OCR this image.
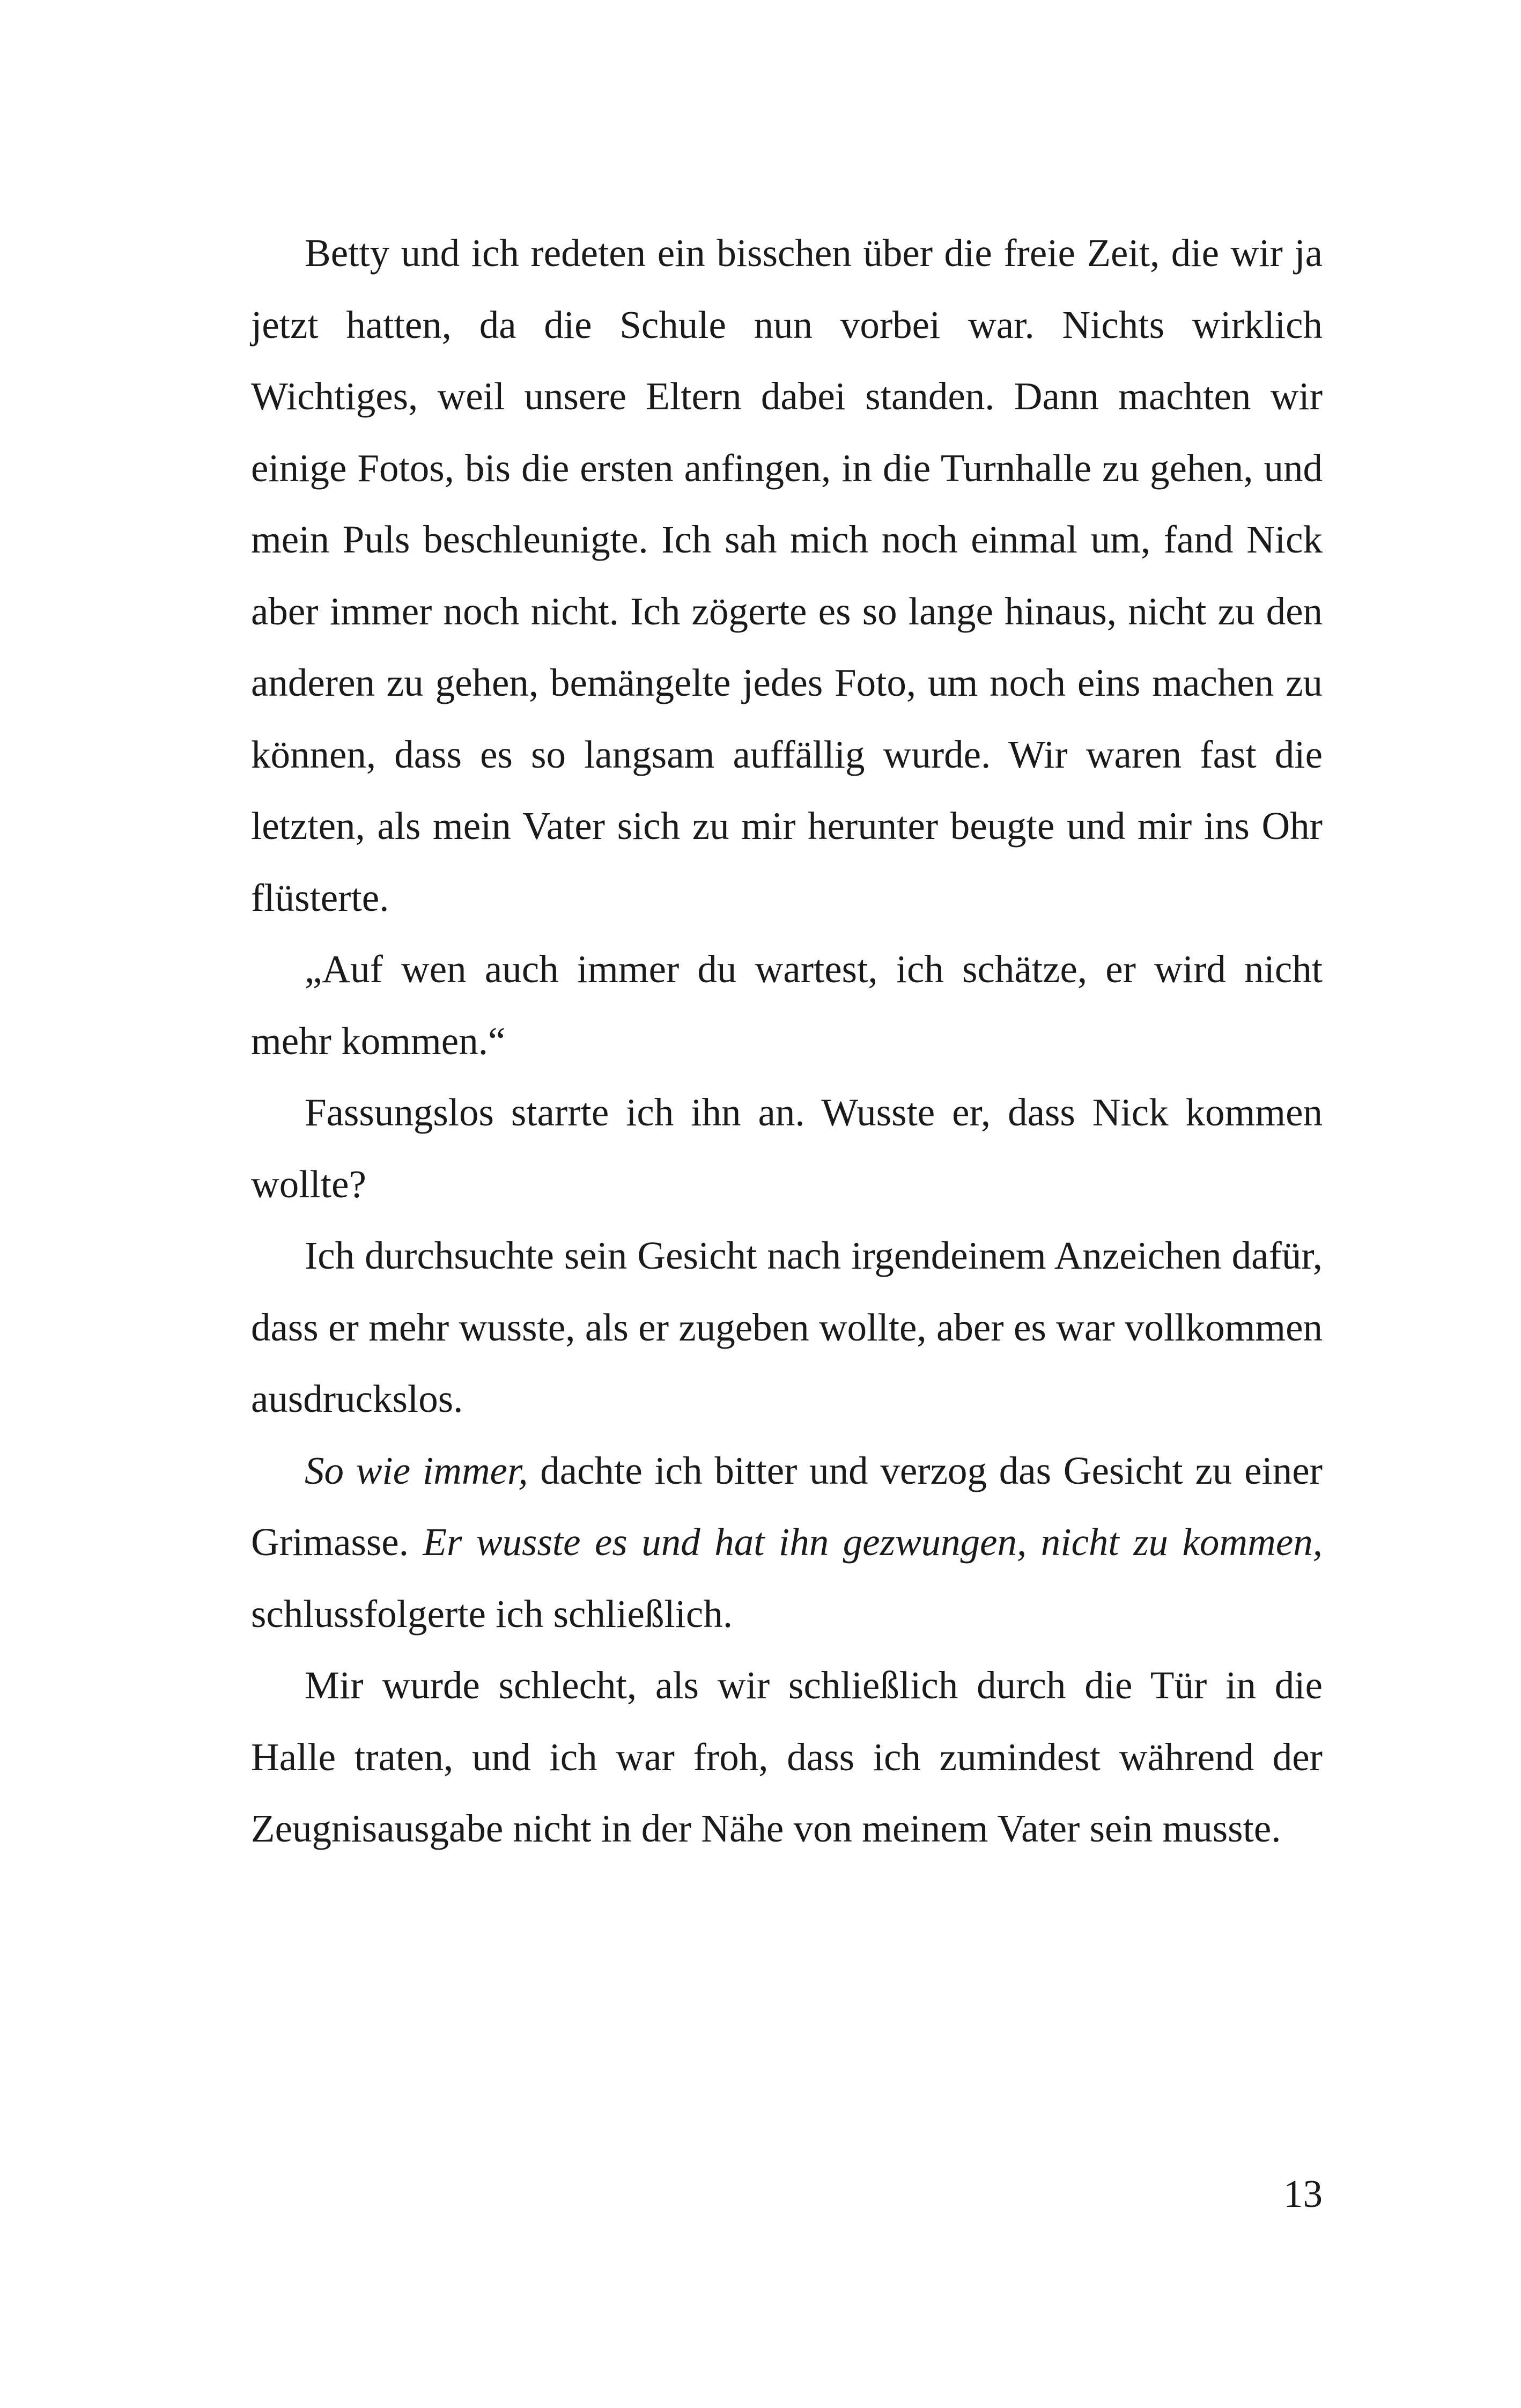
Betty und ich redeten ein bisschen über die freie Zeit, die wir ja jetzt hatten, da die Schule nun vorbei war. Nichts wirklich Wichtiges, weil unsere Eltern dabei standen. Dann machten wir einige Fotos, bis die ersten anfingen, in die Turnhalle zu gehen, und mein Puls beschleunigte. Ich sah mich noch einmal um, fand Nick aber immer noch nicht. Ich zögerte es so lange hinaus, nicht zu den anderen zu gehen, bemängelte jedes Foto, um noch eins machen zu können, dass es so langsam auffällig wurde. Wir waren fast die letzten, als mein Vater sich zu mir herunter beugte und mir ins Ohr flüsterte.

„Auf wen auch immer du wartest, ich schätze, er wird nicht mehr kommen.“

Fassungslos starrte ich ihn an. Wusste er, dass Nick kommen wollte?

Ich durchsuchte sein Gesicht nach irgendeinem Anzeichen dafür, dass er mehr wusste, als er zugeben wollte, aber es war vollkommen ausdruckslos.

So wie immer, dachte ich bitter und verzog das Gesicht zu einer Grimasse. Er wusste es und hat ihn gezwungen, nicht zu kommen, schlussfolgerte ich schließlich.

Mir wurde schlecht, als wir schließlich durch die Tür in die Halle traten, und ich war froh, dass ich zumindest während der Zeugnisausgabe nicht in der Nähe von meinem Vater sein musste.

13
